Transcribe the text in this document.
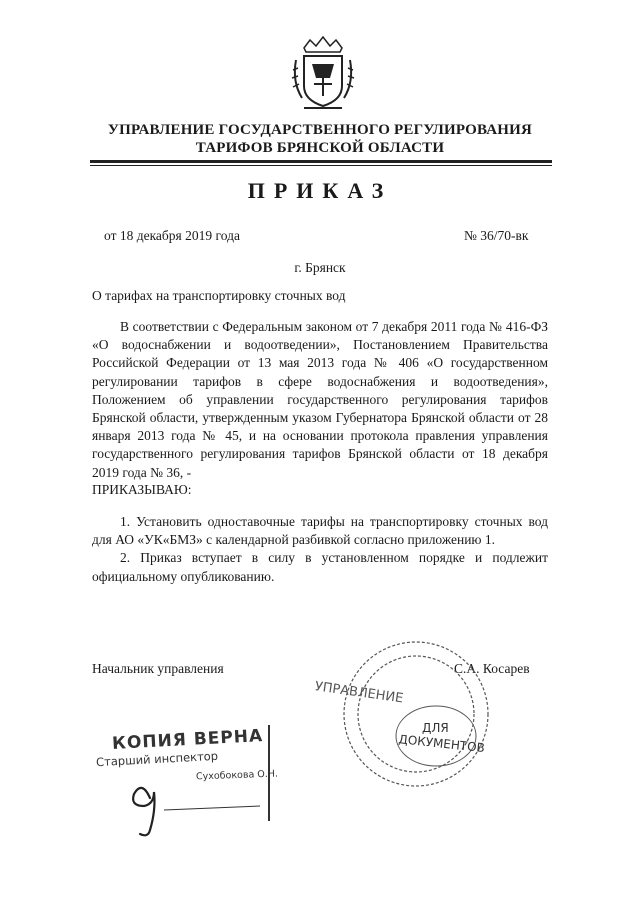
УПРАВЛЕНИЕ ГОСУДАРСТВЕННОГО РЕГУЛИРОВАНИЯ
ТАРИФОВ БРЯНСКОЙ ОБЛАСТИ
ПРИКАЗ
от 18 декабря 2019 года	№ 36/70-вк
г. Брянск
О тарифах на транспортировку сточных вод

В соответствии с Федеральным законом от 7 декабря 2011 года № 416-ФЗ «О водоснабжении и водоотведении», Постановлением Правительства Российской Федерации от 13 мая 2013 года № 406 «О государственном регулировании тарифов в сфере водоснабжения и водоотведения», Положением об управлении государственного регулирования тарифов Брянской области, утвержденным указом Губернатора Брянской области от 28 января 2013 года № 45, и на основании протокола правления управления государственного регулирования тарифов Брянской области от 18 декабря 2019 года № 36, -

ПРИКАЗЫВАЮ:

1. Установить одноставочные тарифы на транспортировку сточных вод для АО «УК«БМЗ» с календарной разбивкой согласно приложению 1.

2. Приказ вступает в силу в установленном порядке и подлежит официальному опубликованию.

Начальник управления	С.А. Косарев
УПРАВЛЕНИЕ
ДЛЯ
ДОКУМЕНТОВ
КОПИЯ ВЕРНА
Старший инспектор
Сухобокова О.Н.
